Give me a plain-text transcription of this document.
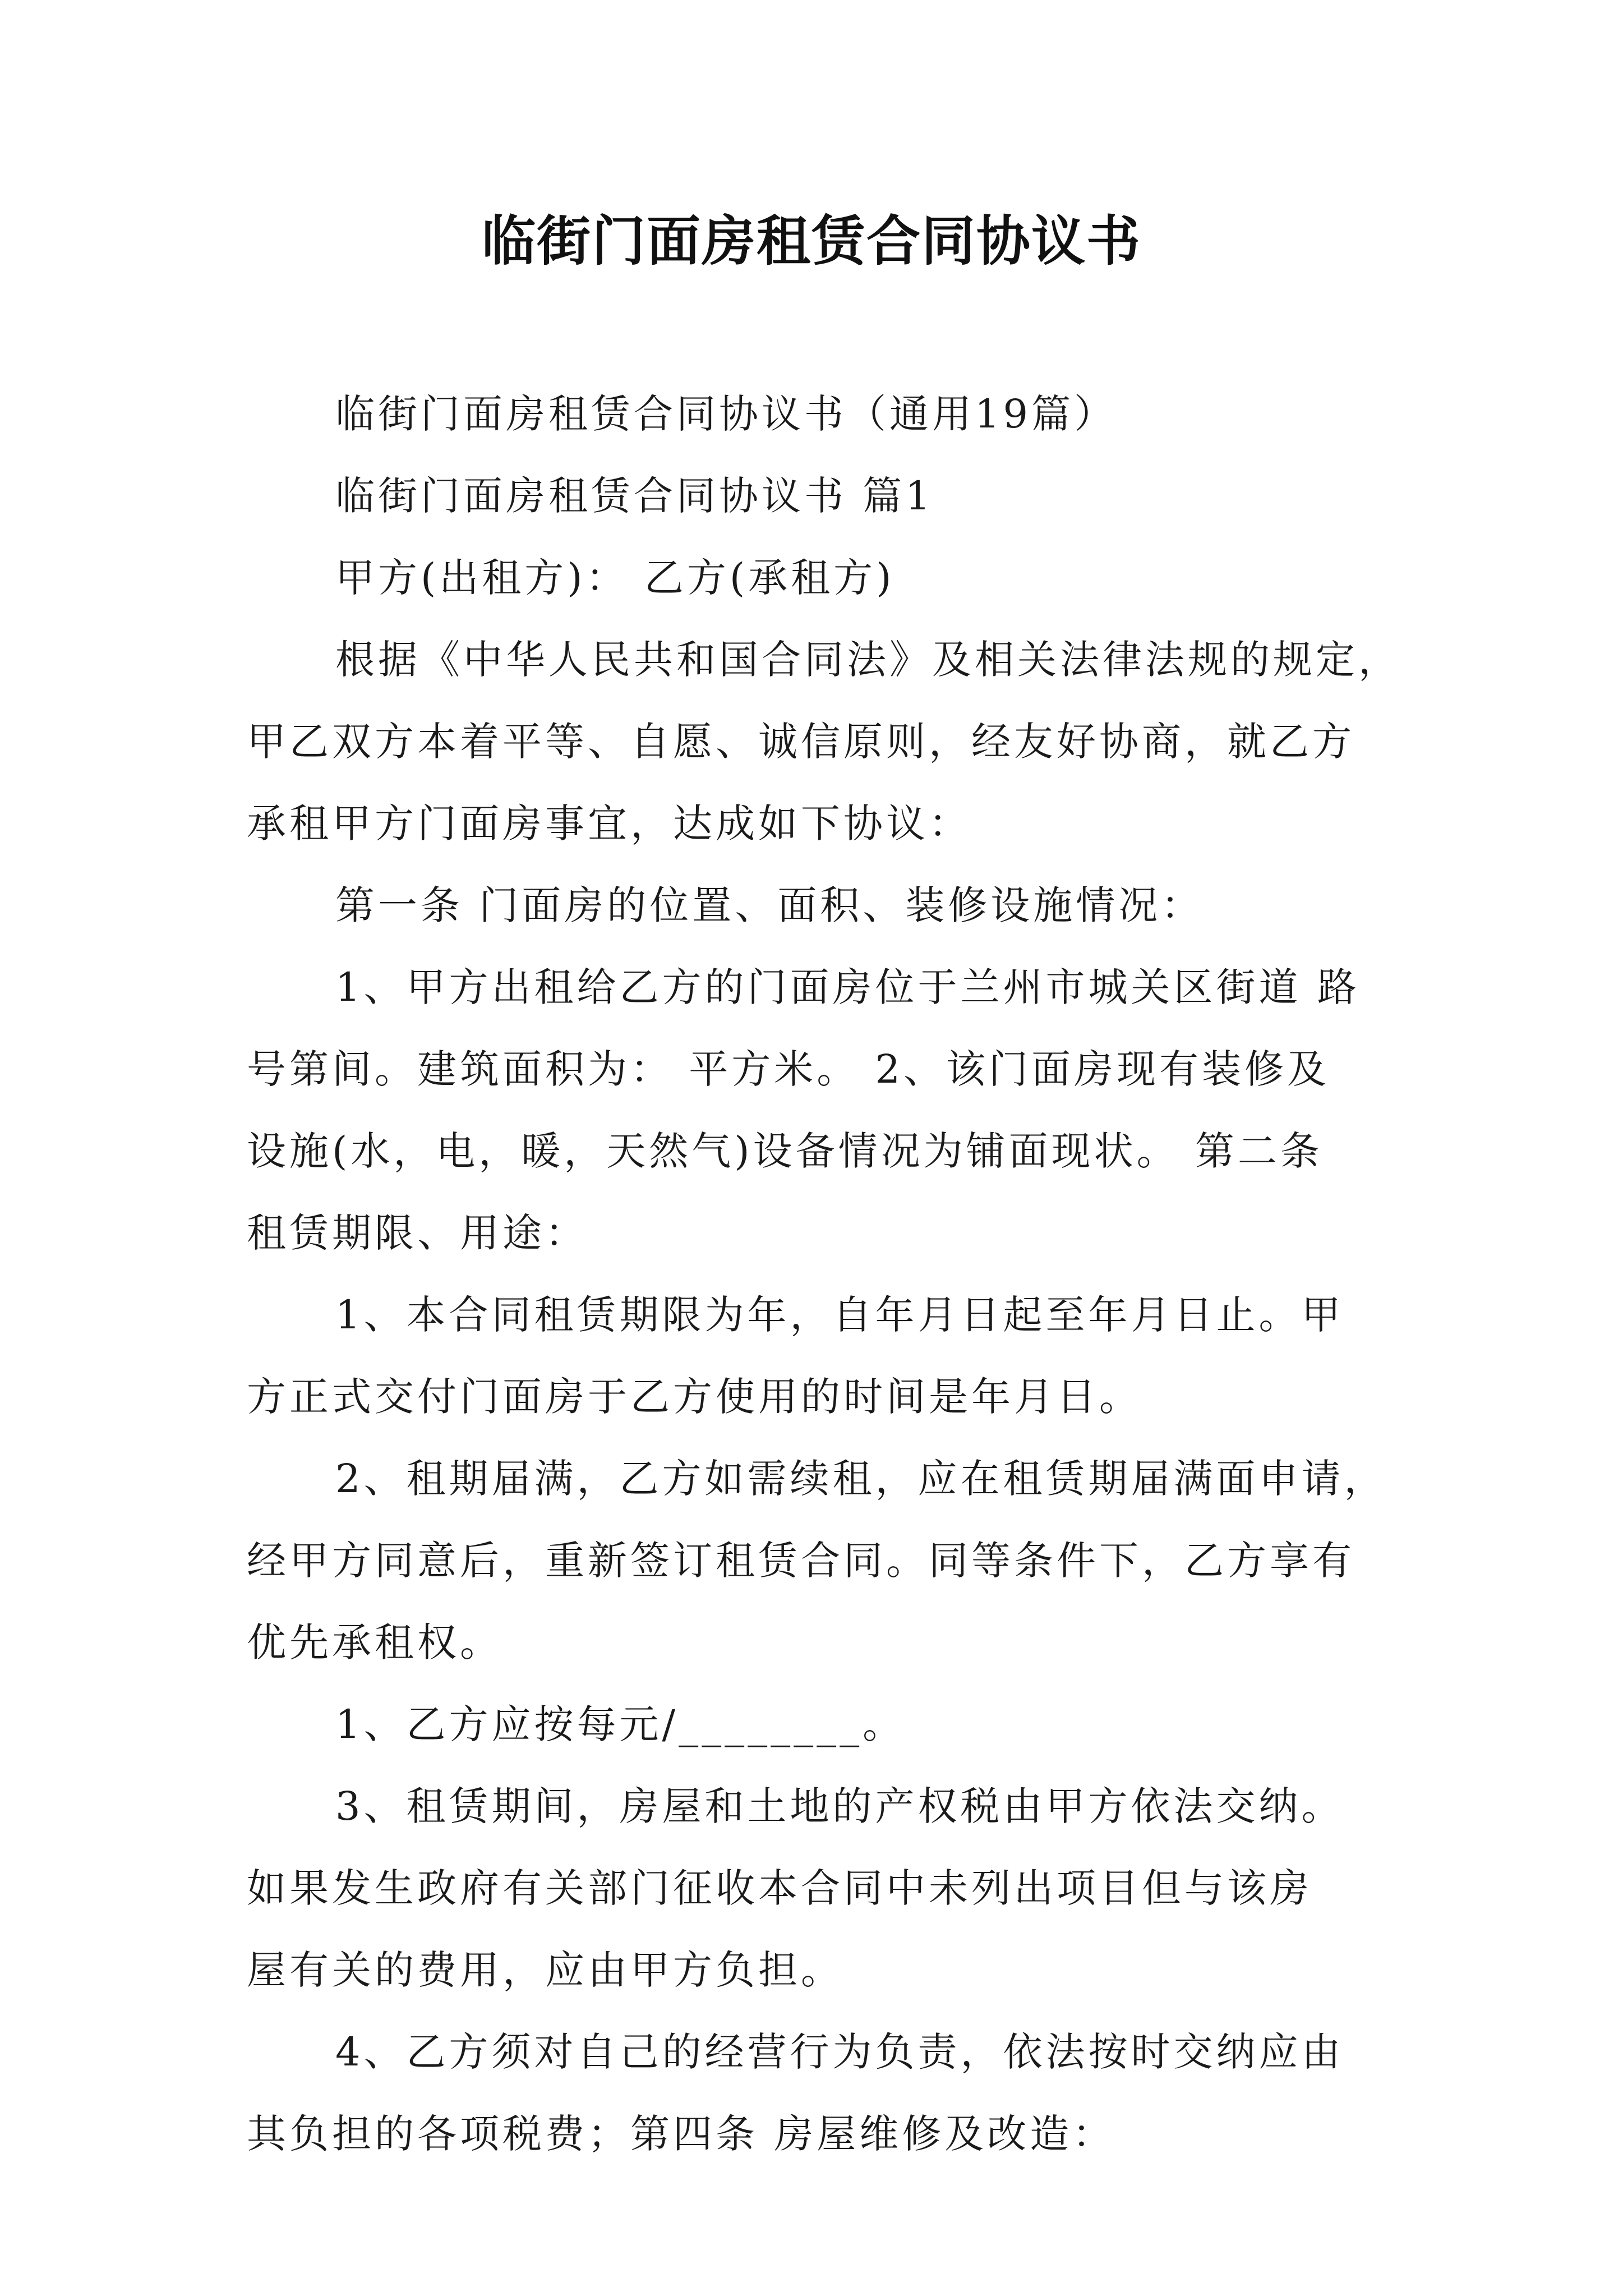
临街门面房租赁合同协议书
临街门面房租赁合同协议书（通用19篇）
临街门面房租赁合同协议书 篇1
甲方(出租方)： 乙方(承租方)
根据《中华人民共和国合同法》及相关法律法规的规定，
甲乙双方本着平等、自愿、诚信原则，经友好协商，就乙方
承租甲方门面房事宜，达成如下协议：
第一条 门面房的位置、面积、装修设施情况：
1、甲方出租给乙方的门面房位于兰州市城关区街道 路
号第间。建筑面积为： 平方米。 2、该门面房现有装修及
设施(水，电，暖，天然气)设备情况为铺面现状。 第二条
租赁期限、用途：
1、本合同租赁期限为年，自年月日起至年月日止。甲
方正式交付门面房于乙方使用的时间是年月日。
2、租期届满，乙方如需续租，应在租赁期届满面申请，
经甲方同意后，重新签订租赁合同。同等条件下，乙方享有
优先承租权。
1、乙方应按每元/________。
3、租赁期间，房屋和土地的产权税由甲方依法交纳。
如果发生政府有关部门征收本合同中未列出项目但与该房
屋有关的费用，应由甲方负担。
4、乙方须对自己的经营行为负责，依法按时交纳应由
其负担的各项税费；第四条 房屋维修及改造：
